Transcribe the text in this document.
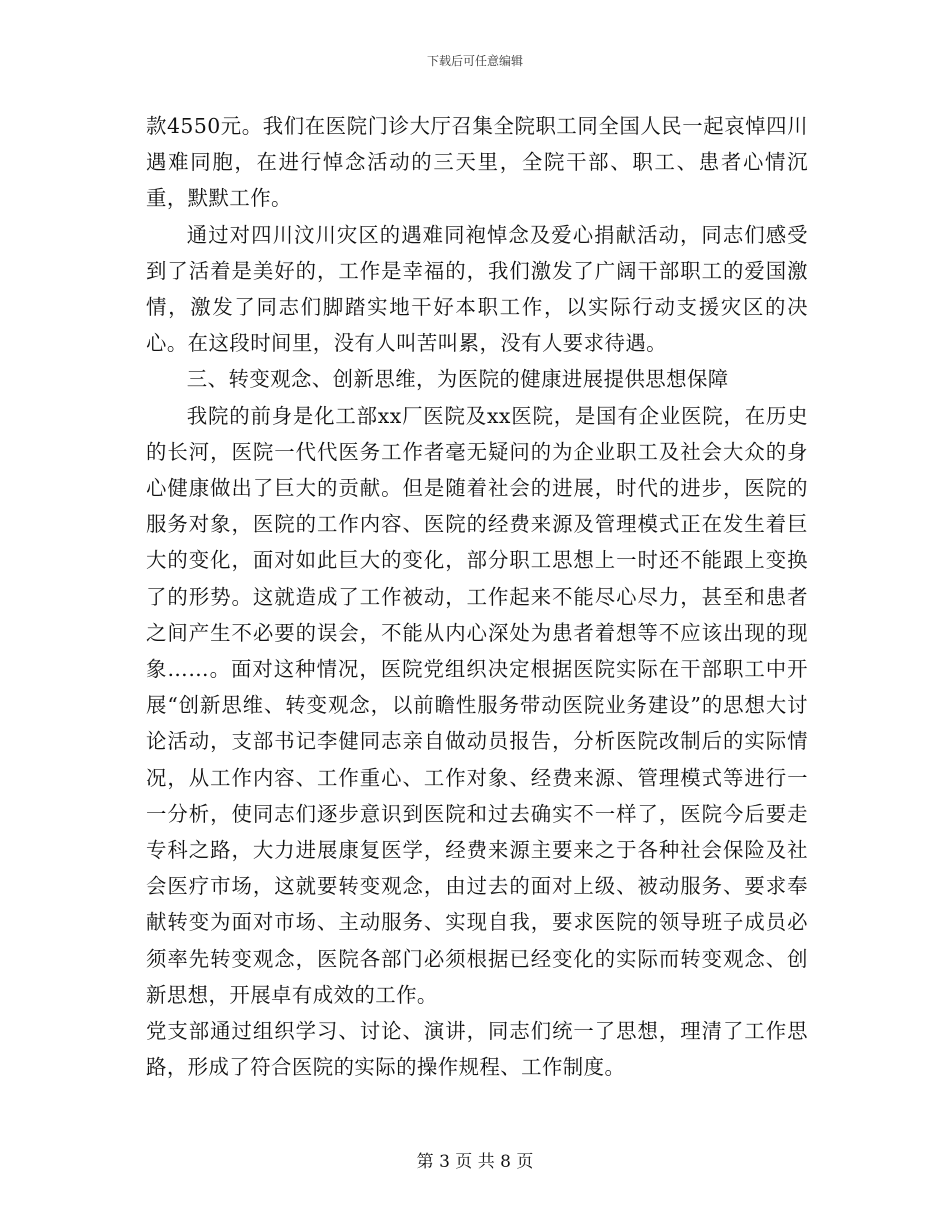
下载后可任意编辑

款4550元。我们在医院门诊大厅召集全院职工同全国人民一起哀悼四川遇难同胞，在进行悼念活动的三天里，全院干部、职工、患者心情沉重，默默工作。

通过对四川汶川灾区的遇难同袍悼念及爱心捐献活动，同志们感受到了活着是美好的，工作是幸福的，我们激发了广阔干部职工的爱国激情，激发了同志们脚踏实地干好本职工作，以实际行动支援灾区的决心。在这段时间里，没有人叫苦叫累，没有人要求待遇。

三、转变观念、创新思维，为医院的健康进展提供思想保障

我院的前身是化工部xx厂医院及xx医院，是国有企业医院，在历史的长河，医院一代代医务工作者毫无疑问的为企业职工及社会大众的身心健康做出了巨大的贡献。但是随着社会的进展，时代的进步，医院的服务对象，医院的工作内容、医院的经费来源及管理模式正在发生着巨大的变化，面对如此巨大的变化，部分职工思想上一时还不能跟上变换了的形势。这就造成了工作被动，工作起来不能尽心尽力，甚至和患者之间产生不必要的误会，不能从内心深处为患者着想等不应该出现的现象……。面对这种情况，医院党组织决定根据医院实际在干部职工中开展“创新思维、转变观念，以前瞻性服务带动医院业务建设”的思想大讨论活动，支部书记李健同志亲自做动员报告，分析医院改制后的实际情况，从工作内容、工作重心、工作对象、经费来源、管理模式等进行一一分析，使同志们逐步意识到医院和过去确实不一样了，医院今后要走专科之路，大力进展康复医学，经费来源主要来之于各种社会保险及社会医疗市场，这就要转变观念，由过去的面对上级、被动服务、要求奉献转变为面对市场、主动服务、实现自我，要求医院的领导班子成员必须率先转变观念，医院各部门必须根据已经变化的实际而转变观念、创新思想，开展卓有成效的工作。

党支部通过组织学习、讨论、演讲，同志们统一了思想，理清了工作思路，形成了符合医院的实际的操作规程、工作制度。

第 3 页 共 8 页
